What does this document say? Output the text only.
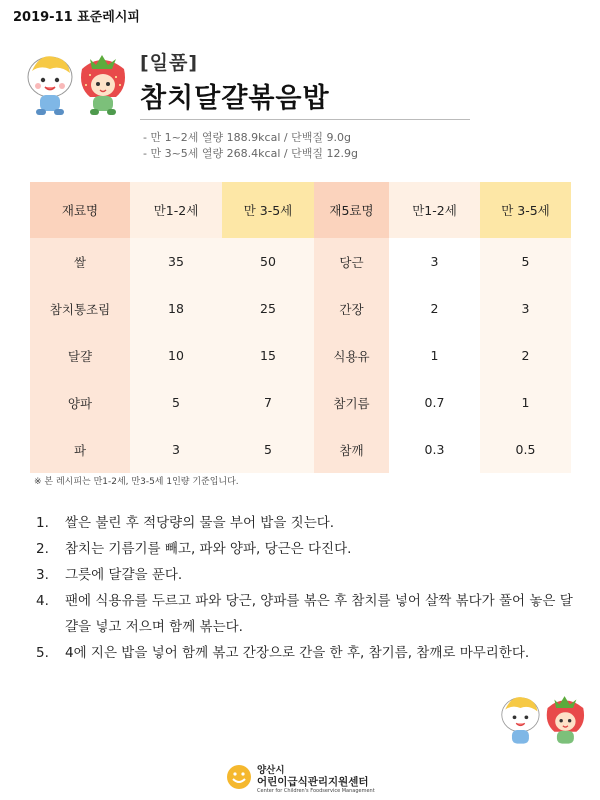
2019-11 표준레시피
[일품]
참치달걀볶음밥
- 만 1~2세 열량 188.9kcal / 단백질 9.0g
- 만 3~5세 열량 268.4kcal / 단백질 12.9g
재료명	만1-2세	만 3-5세	재5료명	만1-2세	만 3-5세
쌀	35	50	당근	3	5
참치통조림	18	25	간장	2	3
달걀	10	15	식용유	1	2
양파	5	7	참기름	0.7	1
파	3	5	참깨	0.3	0.5
※ 본 레시피는 만1-2세, 만3-5세 1인량 기준입니다.
1. 쌀은 불린 후 적당량의 물을 부어 밥을 짓는다.
2. 참치는 기름기를 빼고, 파와 양파, 당근은 다진다.
3. 그릇에 달걀을 푼다.
4. 팬에 식용유를 두르고 파와 당근, 양파를 볶은 후 참치를 넣어 살짝 볶다가 풀어 놓은 달걀을 넣고 저으며 함께 볶는다.
5. 4에 지은 밥을 넣어 함께 볶고 간장으로 간을 한 후, 참기름, 참깨로 마무리한다.
양산시
어린이급식관리지원센터
Center for Children's Foodservice Management
